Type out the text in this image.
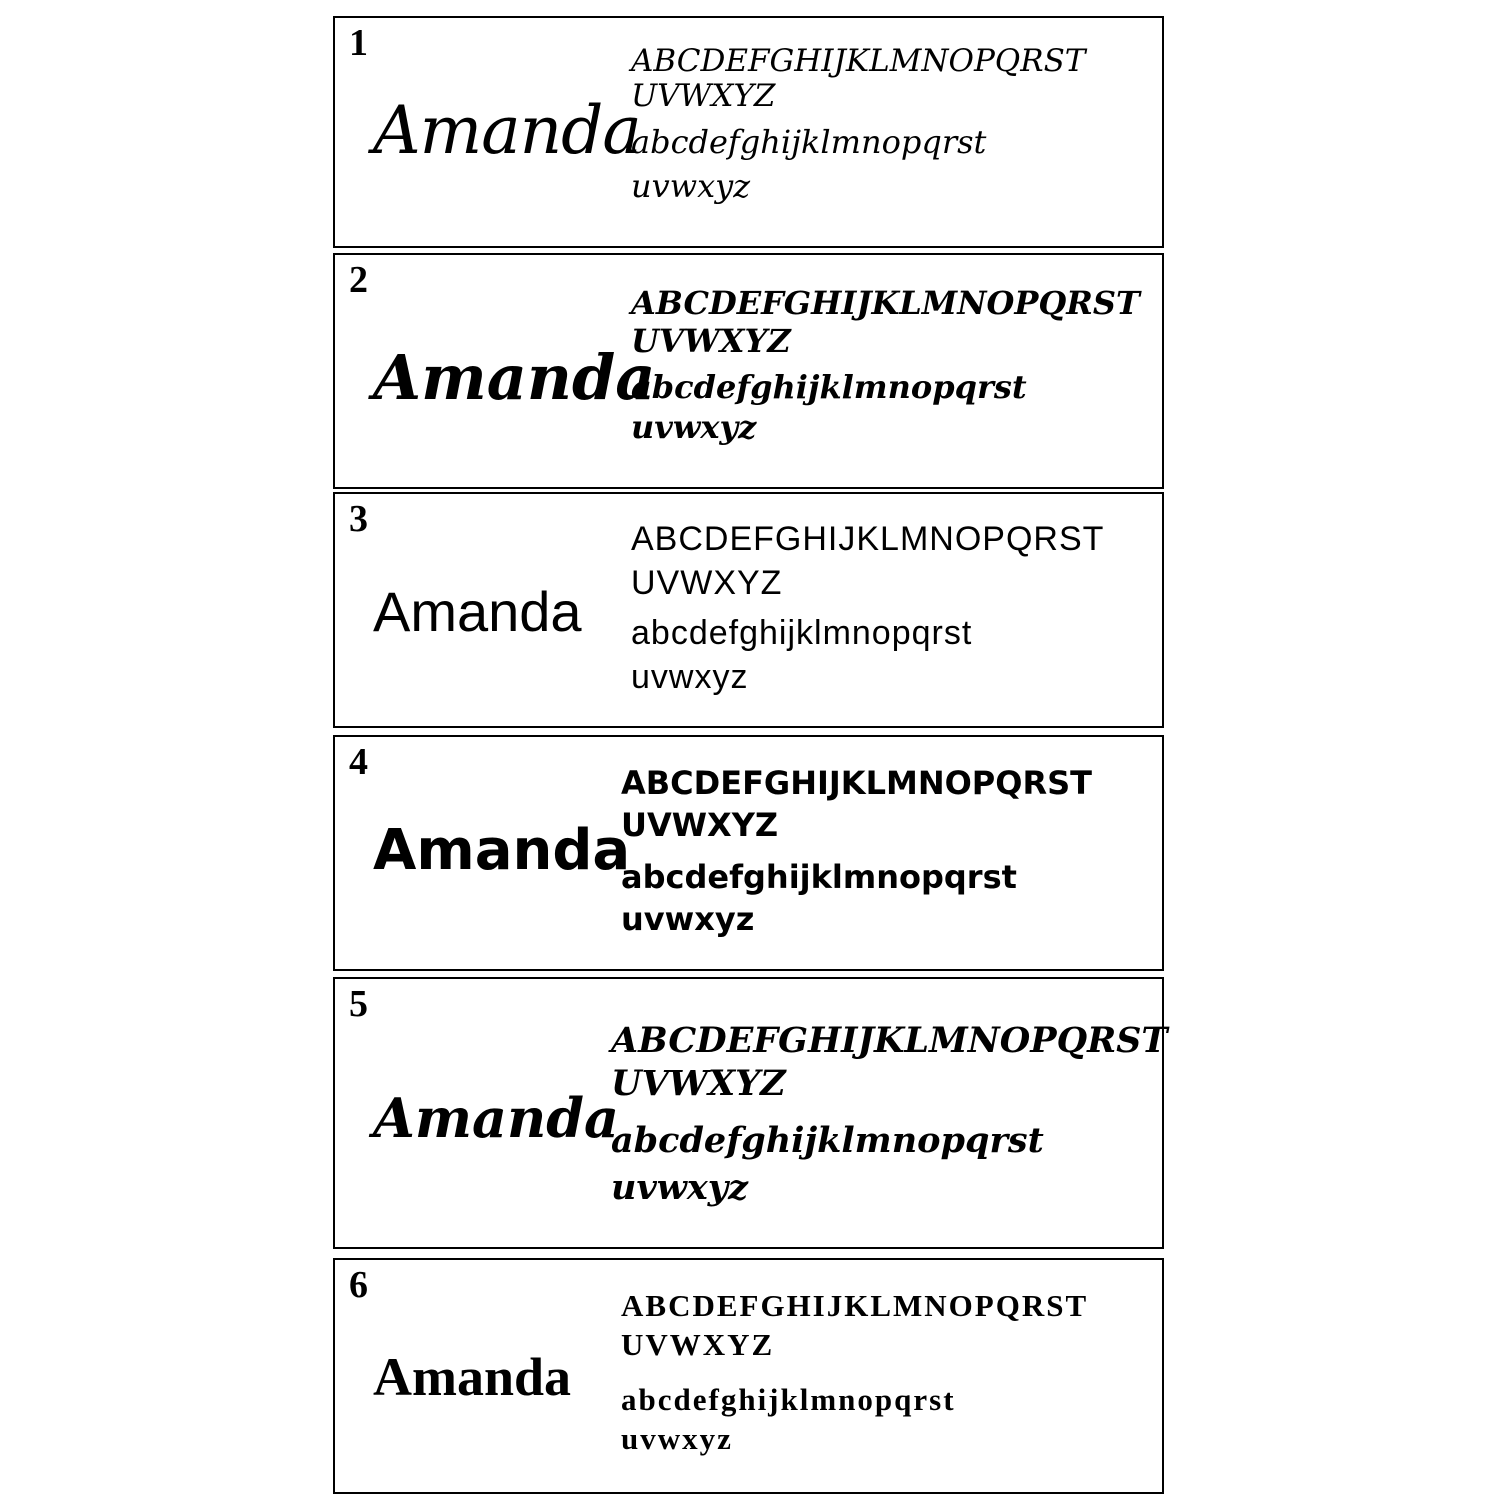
1
Amanda
ABCDEFGHIJKLMNOPQRST
UVWXYZ
abcdefghijklmnopqrst
uvwxyz
2
Amanda
ABCDEFGHIJKLMNOPQRST
UVWXYZ
abcdefghijklmnopqrst
uvwxyz
3
Amanda
ABCDEFGHIJKLMNOPQRST
UVWXYZ
abcdefghijklmnopqrst
uvwxyz
4
Amanda
ABCDEFGHIJKLMNOPQRST
UVWXYZ
abcdefghijklmnopqrst
uvwxyz
5
Amanda
ABCDEFGHIJKLMNOPQRST
UVWXYZ
abcdefghijklmnopqrst
uvwxyz
6
Amanda
ABCDEFGHIJKLMNOPQRST
UVWXYZ
abcdefghijklmnopqrst
uvwxyz
